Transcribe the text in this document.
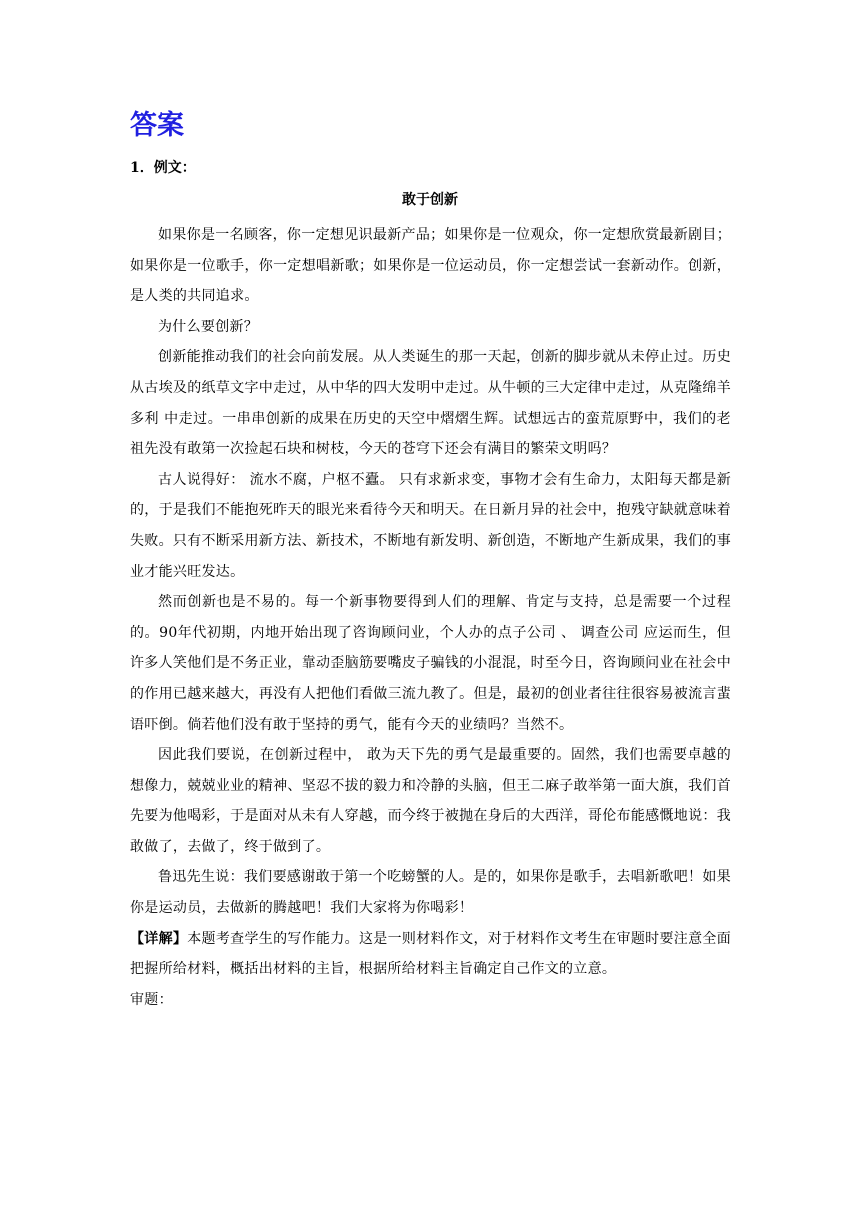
答案
1．例文：
敢于创新

如果你是一名顾客，你一定想见识最新产品；如果你是一位观众，你一定想欣赏最新剧目；如果你是一位歌手，你一定想唱新歌；如果你是一位运动员，你一定想尝试一套新动作。创新，是人类的共同追求。

为什么要创新？

创新能推动我们的社会向前发展。从人类诞生的那一天起，创新的脚步就从未停止过。历史从古埃及的纸草文字中走过，从中华的四大发明中走过。从牛顿的三大定律中走过，从克隆绵羊 多利 中走过。一串串创新的成果在历史的天空中熠熠生辉。试想远古的蛮荒原野中，我们的老祖先没有敢第一次捡起石块和树枝，今天的苍穹下还会有满目的繁荣文明吗？

古人说得好： 流水不腐，户枢不蠹。 只有求新求变，事物才会有生命力，太阳每天都是新的，于是我们不能抱死昨天的眼光来看待今天和明天。在日新月异的社会中，抱残守缺就意味着失败。只有不断采用新方法、新技术，不断地有新发明、新创造，不断地产生新成果，我们的事业才能兴旺发达。

然而创新也是不易的。每一个新事物要得到人们的理解、肯定与支持，总是需要一个过程的。90年代初期，内地开始出现了咨询顾问业，个人办的点子公司 、 调查公司 应运而生，但许多人笑他们是不务正业，靠动歪脑筋要嘴皮子骗钱的小混混，时至今日，咨询顾问业在社会中的作用已越来越大，再没有人把他们看做三流九教了。但是，最初的创业者往往很容易被流言蜚语吓倒。倘若他们没有敢于坚持的勇气，能有今天的业绩吗？当然不。

因此我们要说，在创新过程中， 敢为天下先的勇气是最重要的。固然，我们也需要卓越的想像力，兢兢业业的精神、坚忍不拔的毅力和冷静的头脑，但王二麻子敢举第一面大旗，我们首先要为他喝彩，于是面对从未有人穿越，而今终于被抛在身后的大西洋，哥伦布能感慨地说：我敢做了，去做了，终于做到了。

鲁迅先生说：我们要感谢敢于第一个吃螃蟹的人。是的，如果你是歌手，去唱新歌吧！如果你是运动员，去做新的腾越吧！我们大家将为你喝彩！

【详解】本题考查学生的写作能力。这是一则材料作文，对于材料作文考生在审题时要注意全面把握所给材料，概括出材料的主旨，根据所给材料主旨确定自己作文的立意。

审题：
